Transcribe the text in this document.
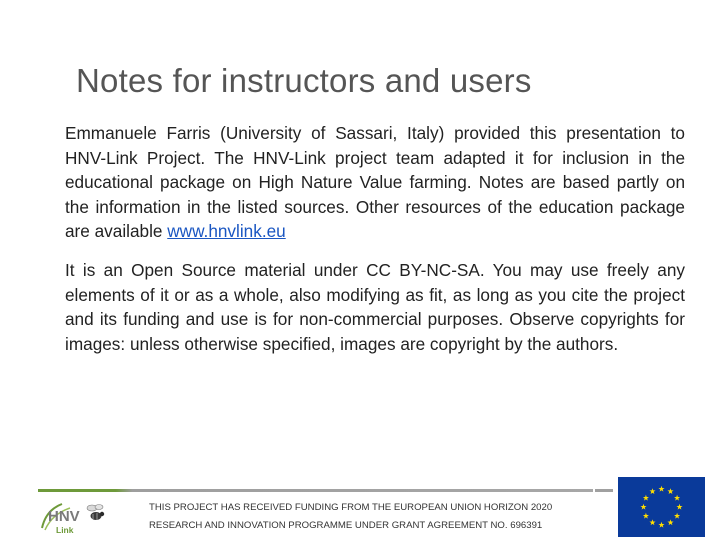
Notes for instructors and users

Emmanuele Farris (University of Sassari, Italy) provided this presentation to HNV-Link Project. The HNV-Link project team adapted it for inclusion in the educational package on High Nature Value farming. Notes are based partly on the information in the listed sources. Other resources of the education package are available www.hnvlink.eu

It is an Open Source material under CC BY-NC-SA. You may use freely any elements of it or as a whole, also modifying as fit, as long as you cite the project and its funding and use is for non-commercial purposes. Observe copyrights for images: unless otherwise specified, images are copyright by the authors.

HNV
Link
THIS PROJECT HAS RECEIVED FUNDING FROM THE EUROPEAN UNION HORIZON 2020
RESEARCH AND INNOVATION PROGRAMME UNDER GRANT AGREEMENT NO. 696391
